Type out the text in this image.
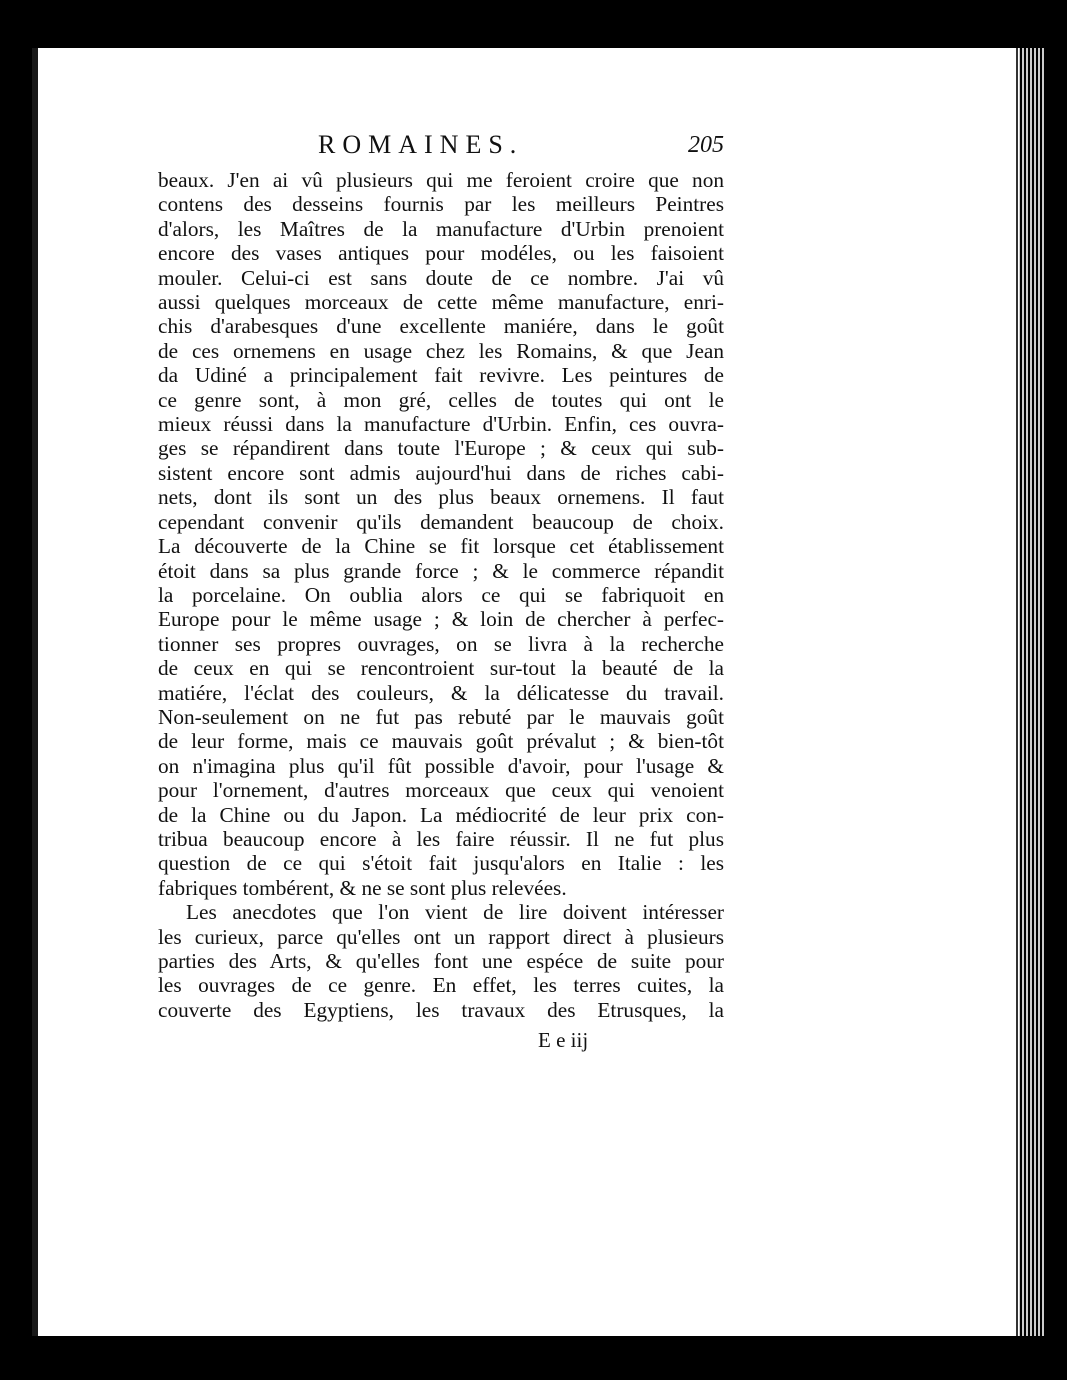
ROMAINES.	205
beaux. J'en ai vû plusieurs qui me feroient croire que non
contens des desseins fournis par les meilleurs Peintres
d'alors, les Maîtres de la manufacture d'Urbin prenoient
encore des vases antiques pour modéles, ou les faisoient
mouler. Celui-ci est sans doute de ce nombre. J'ai vû
aussi quelques morceaux de cette même manufacture, enri-
chis d'arabesques d'une excellente maniére, dans le goût
de ces ornemens en usage chez les Romains, & que Jean
da Udiné a principalement fait revivre. Les peintures de
ce genre sont, à mon gré, celles de toutes qui ont le
mieux réussi dans la manufacture d'Urbin. Enfin, ces ouvra-
ges se répandirent dans toute l'Europe ; & ceux qui sub-
sistent encore sont admis aujourd'hui dans de riches cabi-
nets, dont ils sont un des plus beaux ornemens. Il faut
cependant convenir qu'ils demandent beaucoup de choix.
La découverte de la Chine se fit lorsque cet établissement
étoit dans sa plus grande force ; & le commerce répandit
la porcelaine. On oublia alors ce qui se fabriquoit en
Europe pour le même usage ; & loin de chercher à perfec-
tionner ses propres ouvrages, on se livra à la recherche
de ceux en qui se rencontroient sur-tout la beauté de la
matiére, l'éclat des couleurs, & la délicatesse du travail.
Non-seulement on ne fut pas rebuté par le mauvais goût
de leur forme, mais ce mauvais goût prévalut ; & bien-tôt
on n'imagina plus qu'il fût possible d'avoir, pour l'usage &
pour l'ornement, d'autres morceaux que ceux qui venoient
de la Chine ou du Japon. La médiocrité de leur prix con-
tribua beaucoup encore à les faire réussir. Il ne fut plus
question de ce qui s'étoit fait jusqu'alors en Italie : les
fabriques tombérent, & ne se sont plus relevées.
Les anecdotes que l'on vient de lire doivent intéresser
les curieux, parce qu'elles ont un rapport direct à plusieurs
parties des Arts, & qu'elles font une espéce de suite pour
les ouvrages de ce genre. En effet, les terres cuites, la
couverte des Egyptiens, les travaux des Etrusques, la
E e iij
